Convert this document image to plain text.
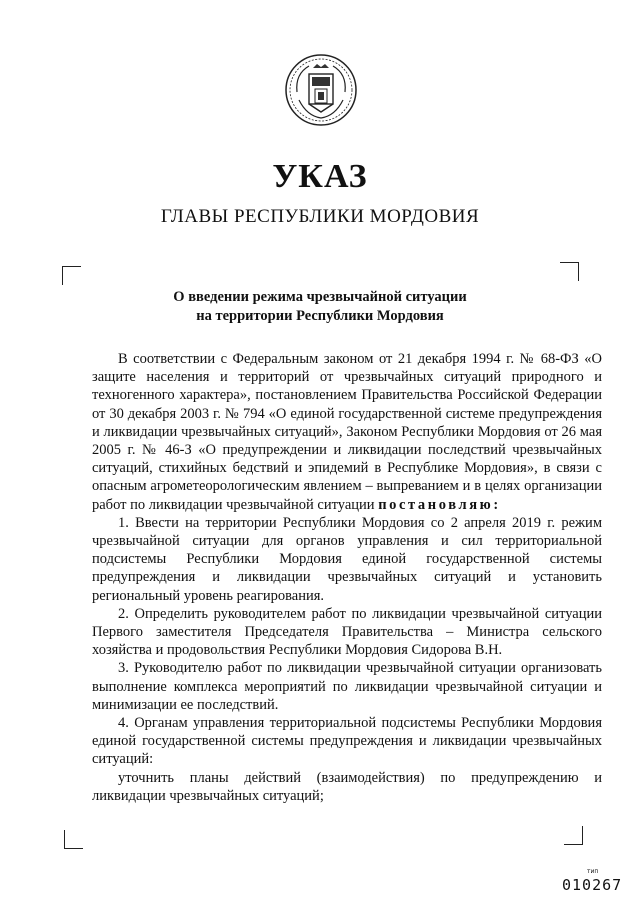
УКАЗ
ГЛАВЫ РЕСПУБЛИКИ МОРДОВИЯ
О введении режима чрезвычайной ситуации
на территории Республики Мордовия

В соответствии с Федеральным законом от 21 декабря 1994 г. № 68-ФЗ «О защите населения и территорий от чрезвычайных ситуаций природного и техногенного характера», постановлением Правительства Российской Федерации от 30 декабря 2003 г. № 794 «О единой государственной системе предупреждения и ликвидации чрезвычайных ситуаций», Законом Республики Мордовия от 26 мая 2005 г. № 46-З «О предупреждении и ликвидации последствий чрезвычайных ситуаций, стихийных бедствий и эпидемий в Республике Мордовия», в связи с опасным агрометеорологическим явлением – выпреванием и в целях организации работ по ликвидации чрезвычайной ситуации постановляю:

1. Ввести на территории Республики Мордовия со 2 апреля 2019 г. режим чрезвычайной ситуации для органов управления и сил территориальной подсистемы Республики Мордовия единой государственной системы предупреждения и ликвидации чрезвычайных ситуаций и установить региональный уровень реагирования.

2. Определить руководителем работ по ликвидации чрезвычайной ситуации Первого заместителя Председателя Правительства – Министра сельского хозяйства и продовольствия Республики Мордовия Сидорова В.Н.

3. Руководителю работ по ликвидации чрезвычайной ситуации организовать выполнение комплекса мероприятий по ликвидации чрезвычайной ситуации и минимизации ее последствий.

4. Органам управления территориальной подсистемы Республики Мордовия единой государственной системы предупреждения и ликвидации чрезвычайных ситуаций:

уточнить планы действий (взаимодействия) по предупреждению и ликвидации чрезвычайных ситуаций;

тип
010267
